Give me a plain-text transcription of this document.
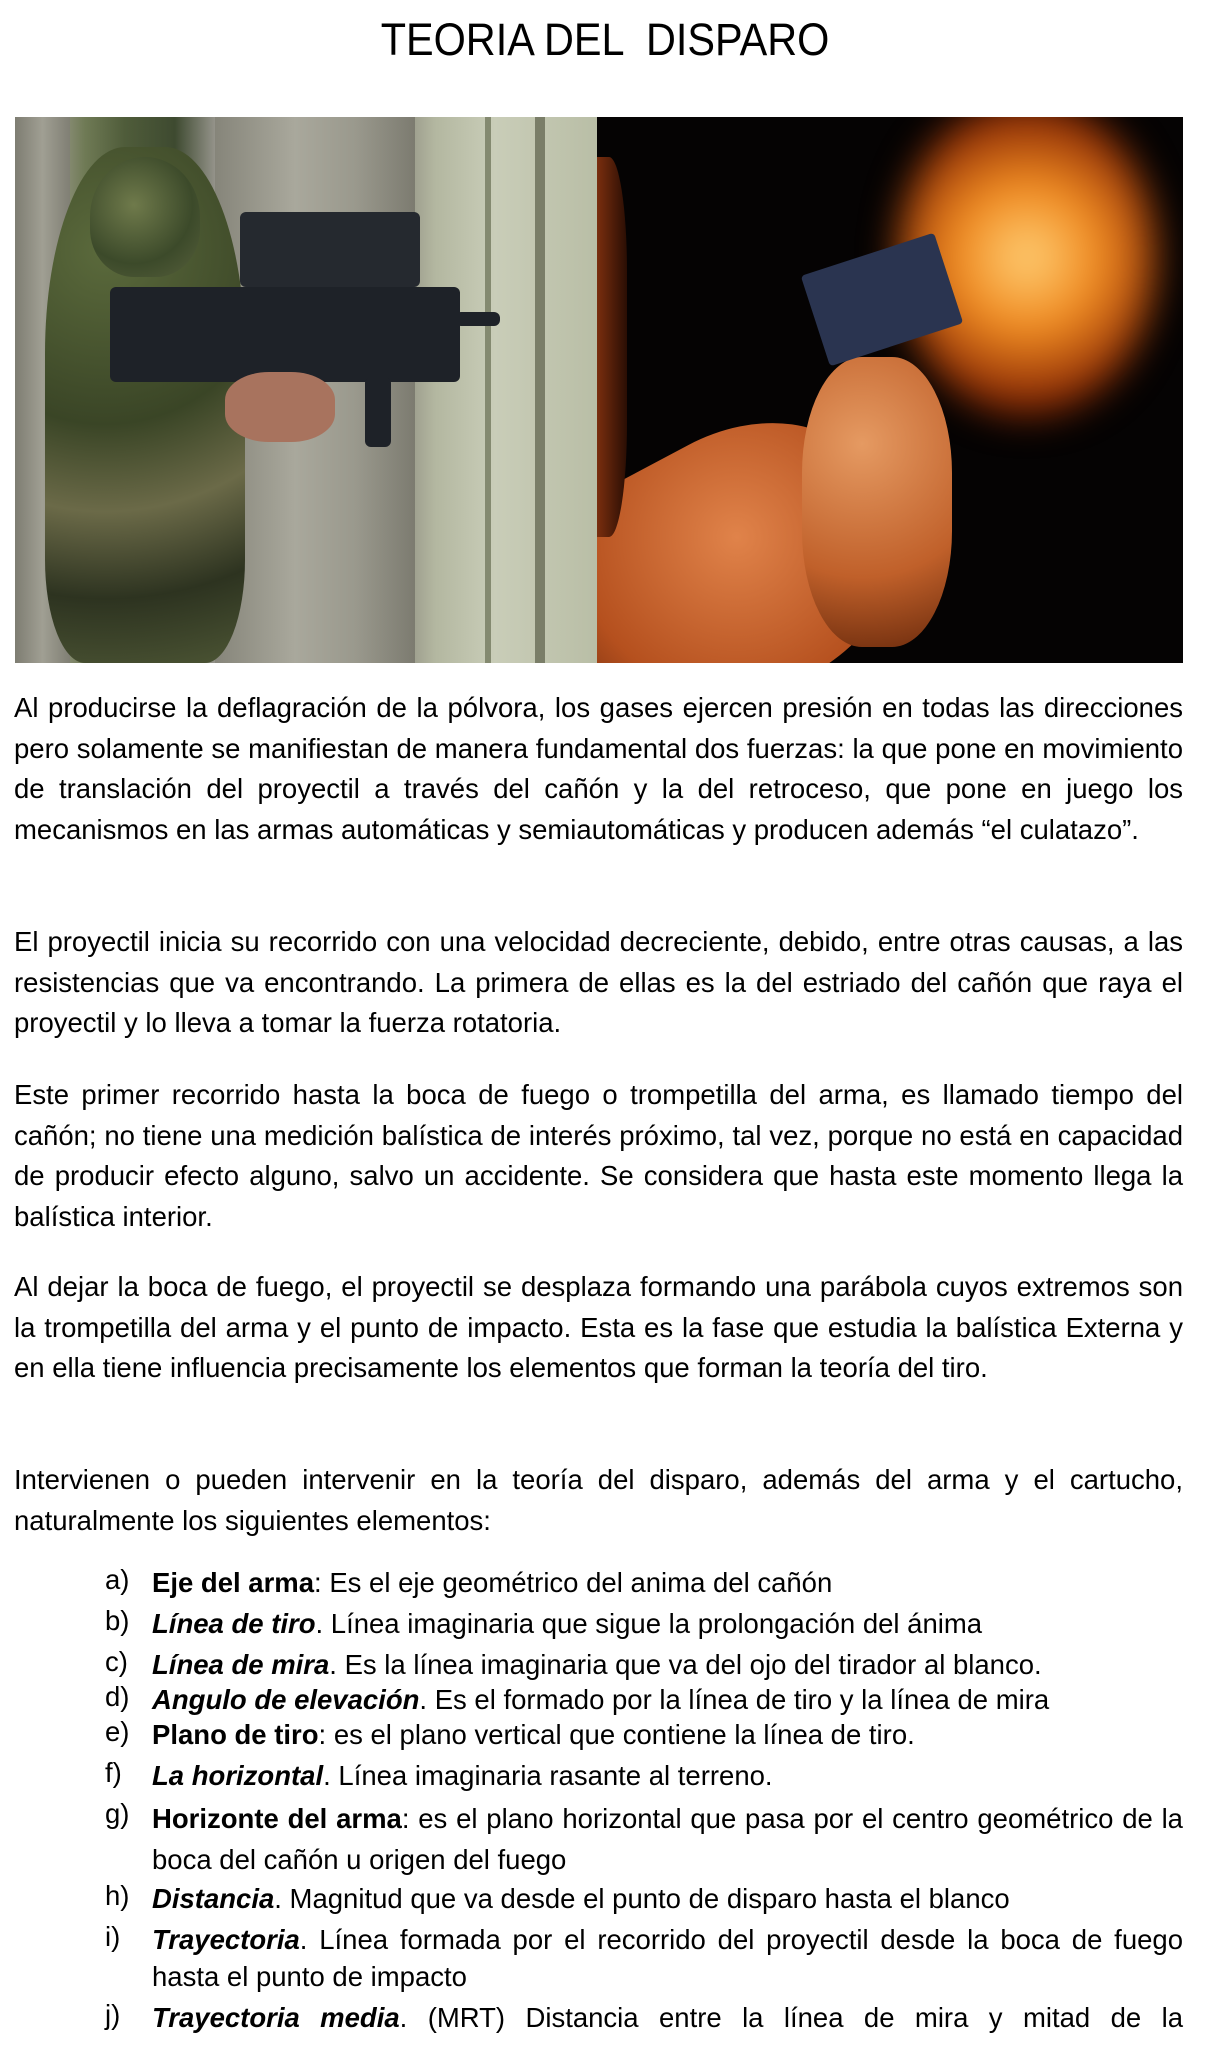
TEORIA DEL  DISPARO

Al producirse la deflagración de la pólvora, los gases ejercen presión en todas las direcciones pero solamente se manifiestan de manera fundamental dos fuerzas: la que pone en movimiento de translación del proyectil a través del cañón y la del retroceso, que pone en juego los mecanismos en las armas automáticas y semiautomáticas y producen además “el culatazo”.

El proyectil inicia su recorrido con una velocidad decreciente, debido, entre otras causas, a las resistencias que va encontrando. La primera de ellas es la del estriado del cañón que raya el proyectil y lo lleva a tomar la fuerza rotatoria.

Este primer recorrido hasta la boca de fuego o trompetilla del arma, es llamado tiempo del cañón; no tiene una medición balística de interés próximo, tal vez, porque no está en capacidad de producir efecto alguno, salvo un accidente. Se considera que hasta este momento llega la balística interior.

Al dejar la boca de fuego, el proyectil se desplaza formando una parábola cuyos extremos son la trompetilla del arma y el punto de impacto. Esta es la fase que estudia la balística Externa y en ella tiene influencia precisamente los elementos que forman la teoría del tiro.

Intervienen o pueden intervenir en la teoría del disparo, además del arma y el cartucho, naturalmente los siguientes elementos:

a) Eje del arma: Es el eje geométrico del anima del cañón
b) Línea de tiro. Línea imaginaria que sigue la prolongación del ánima
c) Línea de mira. Es la línea imaginaria que va del ojo del tirador al blanco.
d) Angulo de elevación. Es el formado por la línea de tiro y la línea de mira
e) Plano de tiro: es el plano vertical que contiene la línea de tiro.
f) La horizontal. Línea imaginaria rasante al terreno.
g) Horizonte del arma: es el plano horizontal que pasa por el centro geométrico de la boca del cañón u origen del fuego
h) Distancia. Magnitud que va desde el punto de disparo hasta el blanco
i) Trayectoria. Línea formada por el recorrido del proyectil desde la boca de fuego hasta el punto de impacto
j) Trayectoria media. (MRT) Distancia entre la línea de mira y mitad de la
